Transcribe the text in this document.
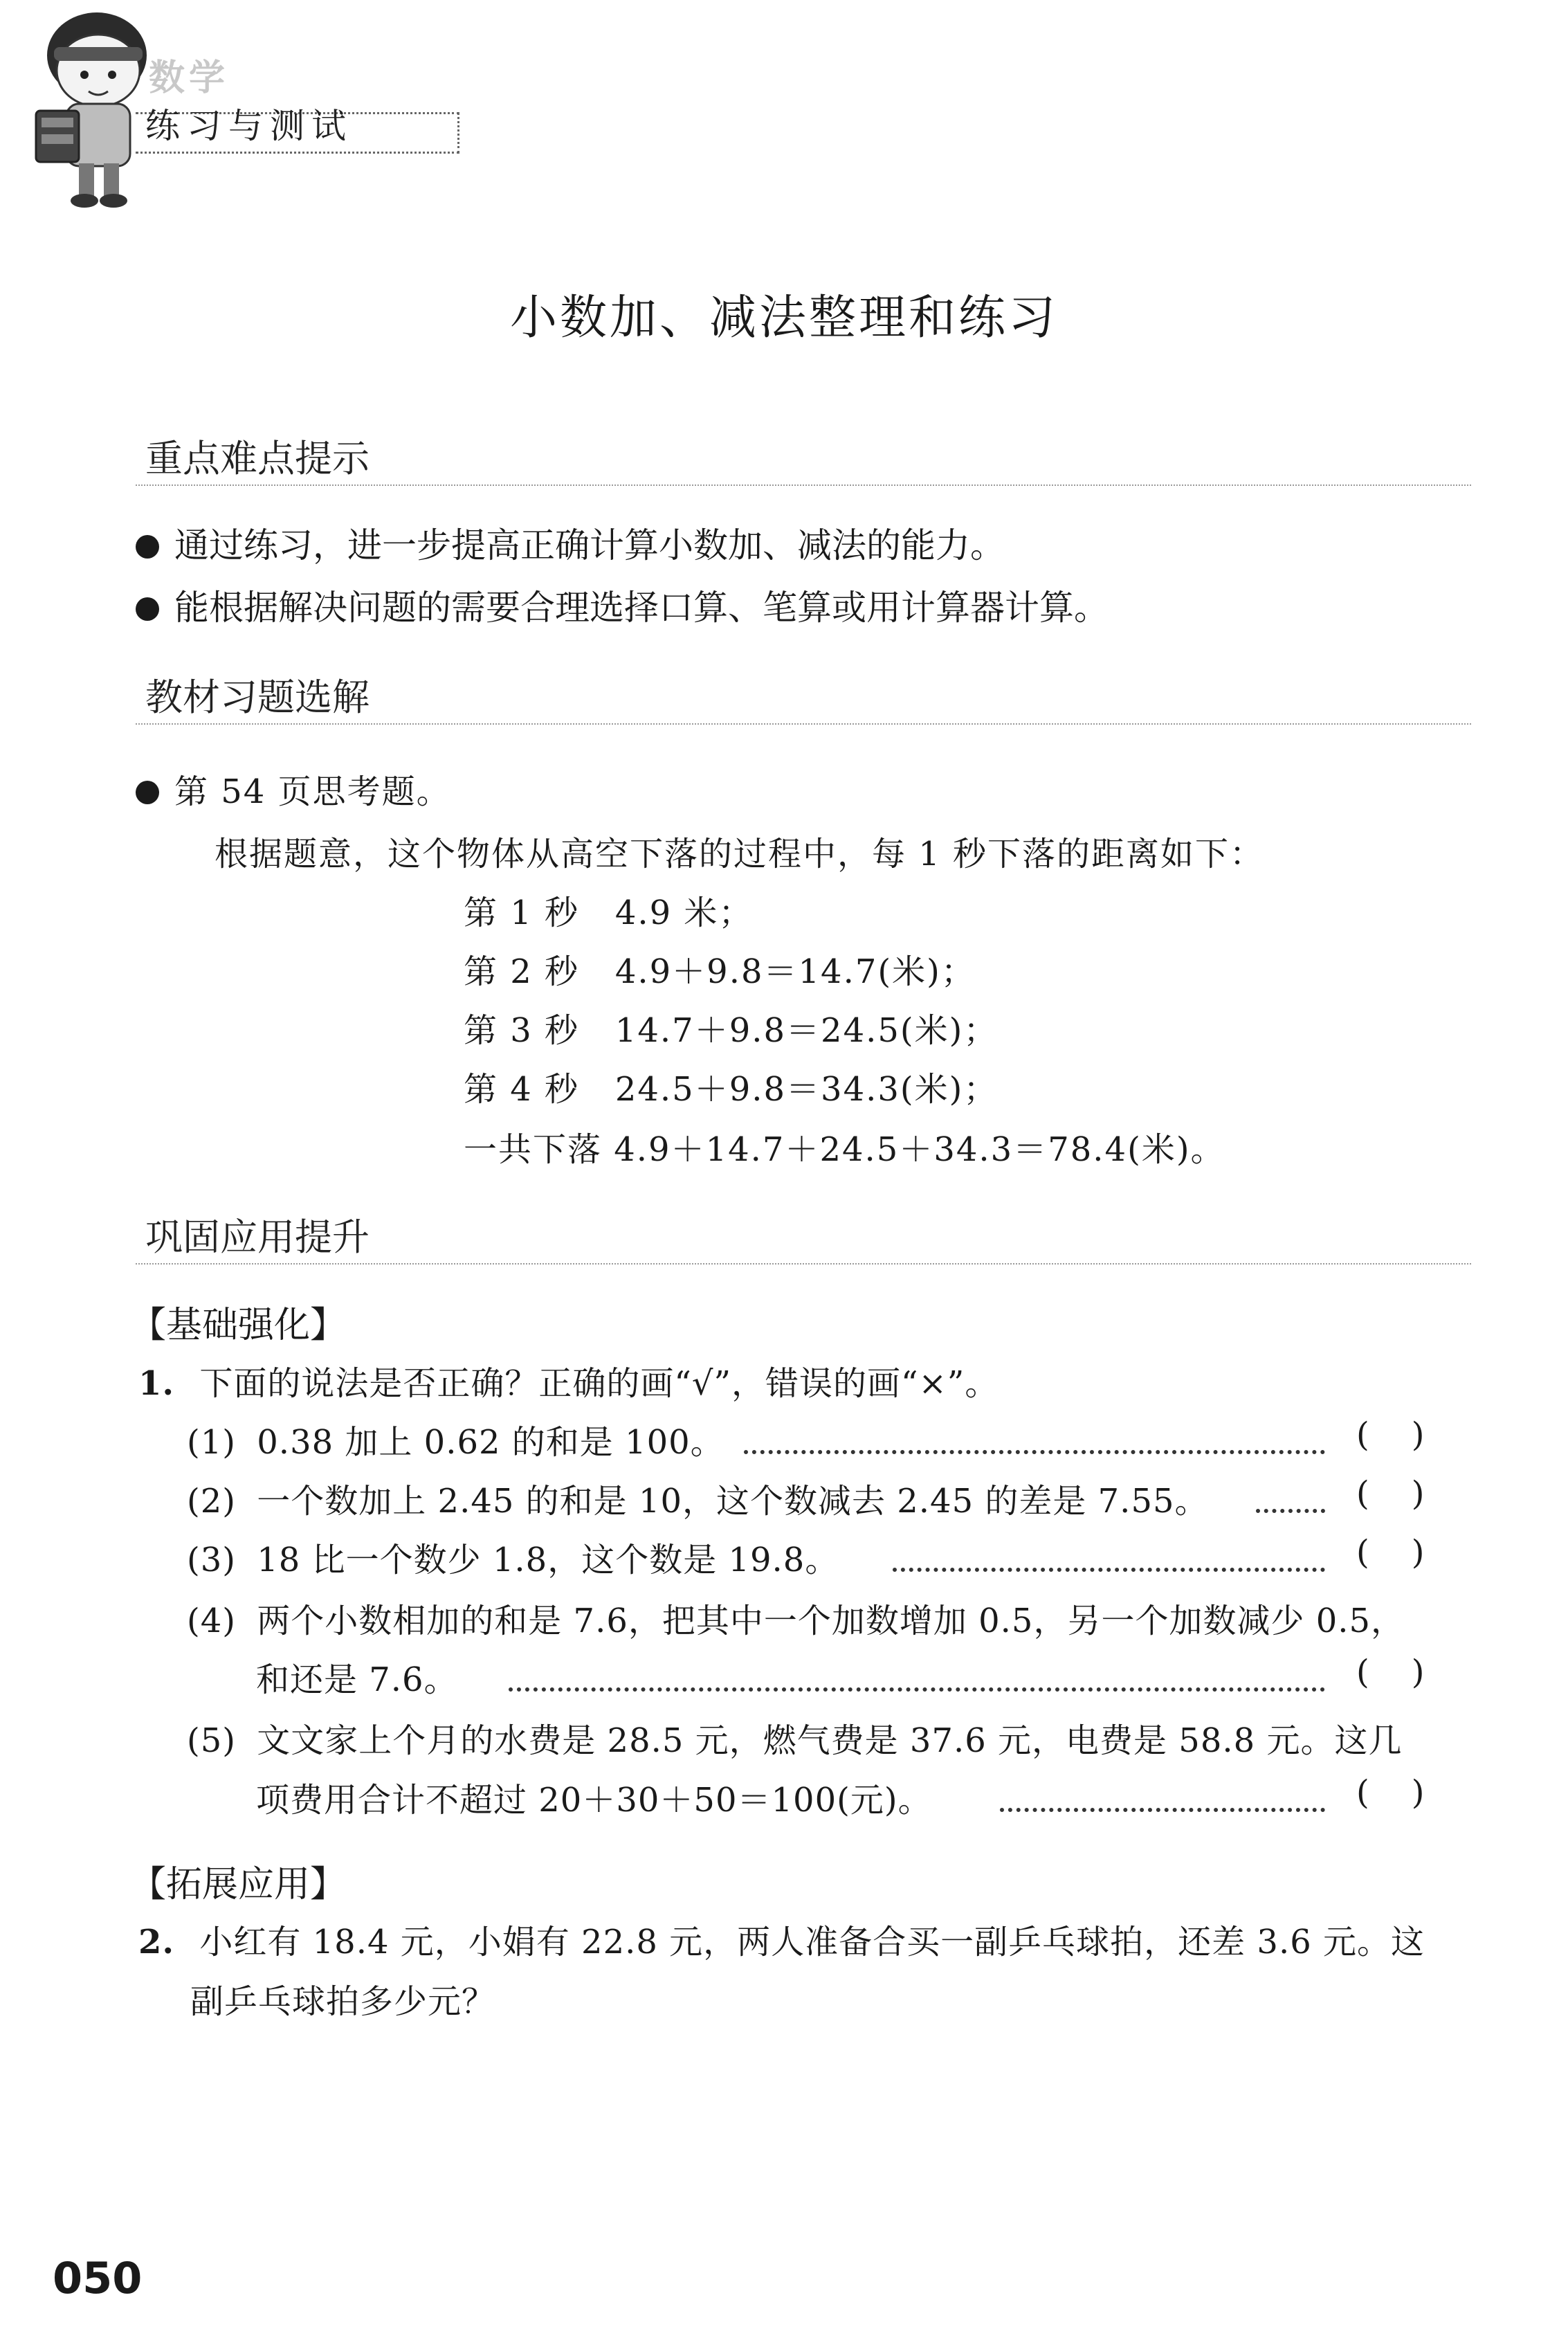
数学
练习与测试
小数加、减法整理和练习
重点难点提示
通过练习，进一步提高正确计算小数加、减法的能力。
能根据解决问题的需要合理选择口算、笔算或用计算器计算。
教材习题选解
第 54 页思考题。
根据题意，这个物体从高空下落的过程中，每 1 秒下落的距离如下：
第 1 秒   4.9 米；
第 2 秒   4.9＋9.8＝14.7(米)；
第 3 秒   14.7＋9.8＝24.5(米)；
第 4 秒   24.5＋9.8＝34.3(米)；
一共下落 4.9＋14.7＋24.5＋34.3＝78.4(米)。
巩固应用提升
【基础强化】
1. 下面的说法是否正确？正确的画“√”，错误的画“×”。
(1) 0.38 加上 0.62 的和是 100。	(    )
(2) 一个数加上 2.45 的和是 10，这个数减去 2.45 的差是 7.55。	(    )
(3) 18 比一个数少 1.8，这个数是 19.8。	(    )
(4) 两个小数相加的和是 7.6，把其中一个加数增加 0.5，另一个加数减少 0.5，
和还是 7.6。	(    )
(5) 文文家上个月的水费是 28.5 元，燃气费是 37.6 元，电费是 58.8 元。这几
项费用合计不超过 20＋30＋50＝100(元)。	(    )
【拓展应用】
2. 小红有 18.4 元，小娟有 22.8 元，两人准备合买一副乒乓球拍，还差 3.6 元。这
副乒乓球拍多少元？
050
